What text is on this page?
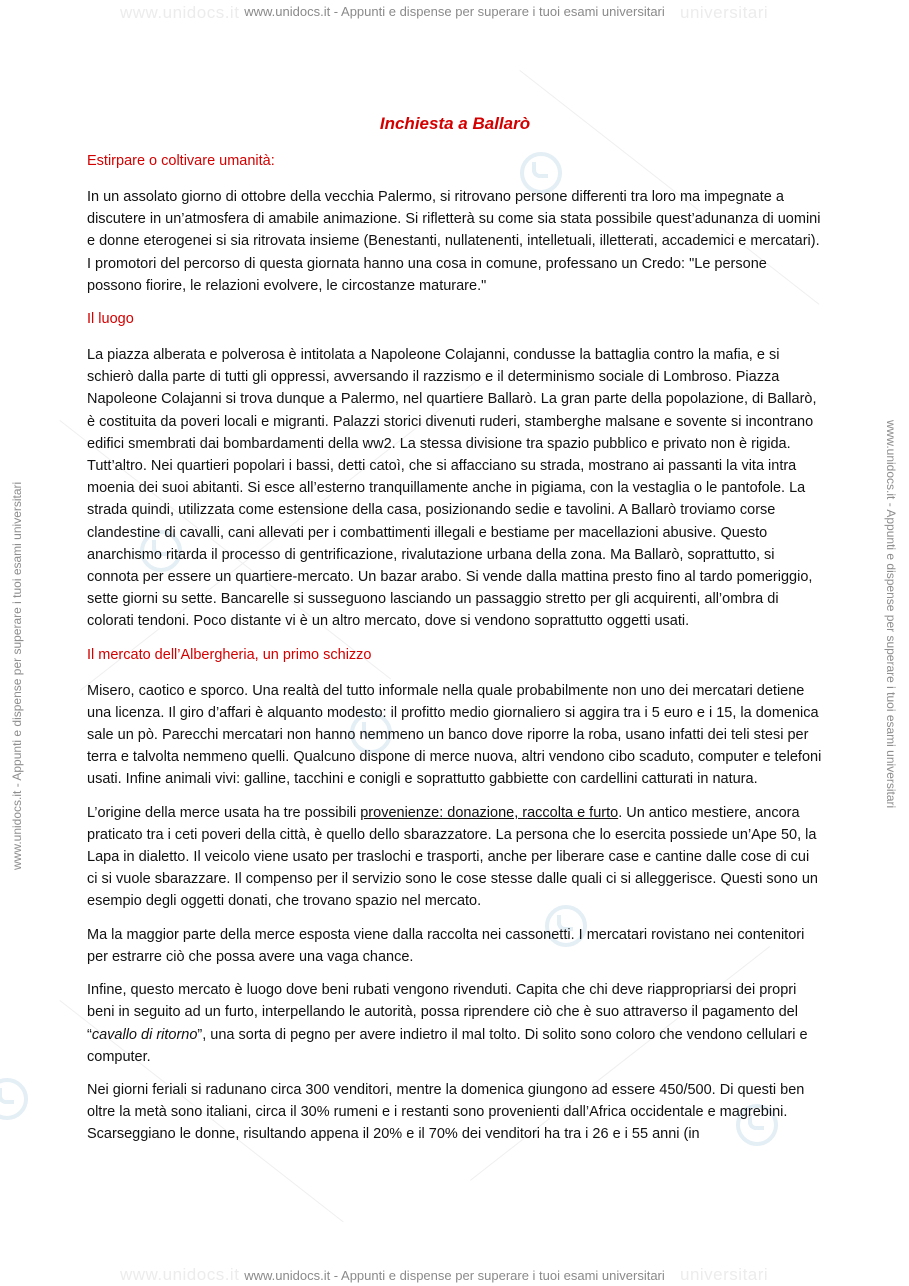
www.unidocs.it	universitari
www.unidocs.it	universitari
www.unidocs.it - Appunti e dispense per superare i tuoi esami universitari
www.unidocs.it - Appunti e dispense per superare i tuoi esami universitari	www.unidocs.it - Appunti e dispense per superare i tuoi esami universitari
Inchiesta a Ballarò
Estirpare o coltivare umanità:

In un assolato giorno di ottobre della vecchia Palermo, si ritrovano persone differenti tra loro ma impegnate a discutere in un’atmosfera di amabile animazione. Si rifletterà su come sia stata possibile quest’adunanza di uomini e donne eterogenei si sia ritrovata insieme (Benestanti, nullatenenti, intelletuali, illetterati, accademici e mercatari). I promotori del percorso di questa giornata hanno una cosa in comune, professano un Credo: "Le persone possono fiorire, le relazioni evolvere, le circostanze maturare."

Il luogo

La piazza alberata e polverosa è intitolata a Napoleone Colajanni, condusse la battaglia contro la mafia, e si schierò dalla parte di tutti gli oppressi, avversando il razzismo e il determinismo sociale di Lombroso. Piazza Napoleone Colajanni si trova dunque a Palermo, nel quartiere Ballarò. La gran parte della popolazione, di Ballarò, è costituita da poveri locali e migranti. Palazzi storici divenuti ruderi, stamberghe malsane e sovente si incontrano edifici smembrati dai bombardamenti della ww2. La stessa divisione tra spazio pubblico e privato non è rigida. Tutt’altro. Nei quartieri popolari i bassi, detti catoì, che si affacciano su strada, mostrano ai passanti la vita intra moenia dei suoi abitanti. Si esce all’esterno tranquillamente anche in pigiama, con la vestaglia o le pantofole. La strada quindi, utilizzata come estensione della casa, posizionando sedie e tavolini. A Ballarò troviamo corse clandestine di cavalli, cani allevati per i combattimenti illegali e bestiame per macellazioni abusive. Questo anarchismo ritarda il processo di gentrificazione, rivalutazione urbana della zona. Ma Ballarò, soprattutto, si connota per essere un quartiere-mercato. Un bazar arabo. Si vende dalla mattina presto fino al tardo pomeriggio, sette giorni su sette. Bancarelle si susseguono lasciando un passaggio stretto per gli acquirenti, all’ombra di colorati tendoni. Poco distante vi è un altro mercato, dove si vendono soprattutto oggetti usati.

Il mercato dell’Albergheria, un primo schizzo

Misero, caotico e sporco. Una realtà del tutto informale nella quale probabilmente non uno dei mercatari detiene una licenza. Il giro d’affari è alquanto modesto: il profitto medio giornaliero si aggira tra i 5 euro e i 15, la domenica sale un pò. Parecchi mercatari non hanno nemmeno un banco dove riporre la roba, usano infatti dei teli stesi per terra e talvolta nemmeno quelli. Qualcuno dispone di merce nuova, altri vendono cibo scaduto, computer e telefoni usati. Infine animali vivi: galline, tacchini e conigli e soprattutto gabbiette con cardellini catturati in natura.

L’origine della merce usata ha tre possibili provenienze: donazione, raccolta e furto. Un antico mestiere, ancora praticato tra i ceti poveri della città, è quello dello sbarazzatore. La persona che lo esercita possiede un’Ape 50, la Lapa in dialetto. Il veicolo viene usato per traslochi e trasporti, anche per liberare case e cantine dalle cose di cui ci si vuole sbarazzare. Il compenso per il servizio sono le cose stesse dalle quali ci si alleggerisce. Questi sono un esempio degli oggetti donati, che trovano spazio nel mercato.

Ma la maggior parte della merce esposta viene dalla raccolta nei cassonetti. I mercatari rovistano nei contenitori per estrarre ciò che possa avere una vaga chance.

Infine, questo mercato è luogo dove beni rubati vengono rivenduti. Capita che chi deve riappropriarsi dei propri beni in seguito ad un furto, interpellando le autorità, possa riprendere ciò che è suo attraverso il pagamento del “cavallo di ritorno”, una sorta di pegno per avere indietro il mal tolto. Di solito sono coloro che vendono cellulari e computer.

Nei giorni feriali si radunano circa 300 venditori, mentre la domenica giungono ad essere 450/500. Di questi ben oltre la metà sono italiani, circa il 30% rumeni e i restanti sono provenienti dall’Africa occidentale e magrebini. Scarseggiano le donne, risultando appena il 20% e il 70% dei venditori ha tra i 26 e i 55 anni (in

www.unidocs.it - Appunti e dispense per superare i tuoi esami universitari
